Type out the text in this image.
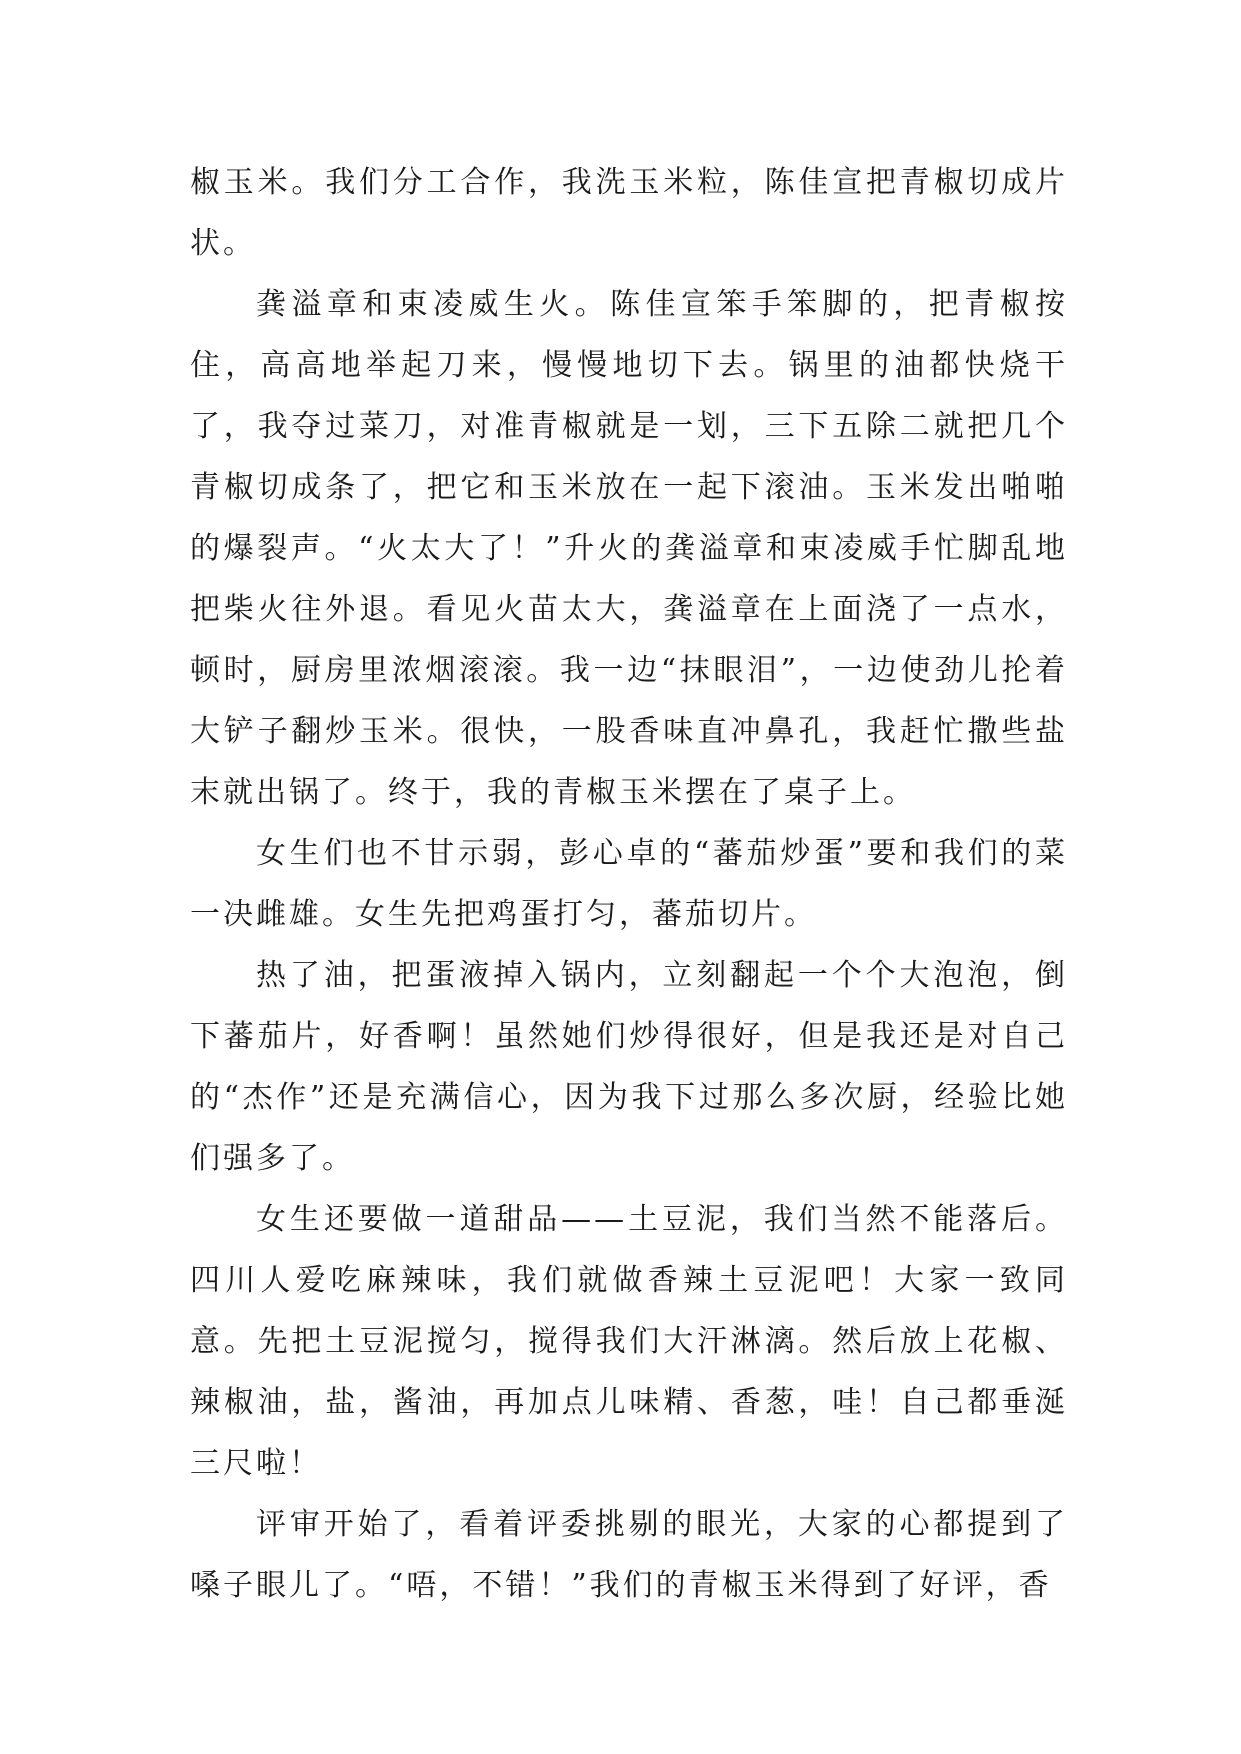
椒玉米。我们分工合作，我洗玉米粒，陈佳宣把青椒切成片状。

龚溢章和束凌威生火。陈佳宣笨手笨脚的，把青椒按住，高高地举起刀来，慢慢地切下去。锅里的油都快烧干了，我夺过菜刀，对准青椒就是一划，三下五除二就把几个青椒切成条了，把它和玉米放在一起下滚油。玉米发出啪啪的爆裂声。“火太大了！”升火的龚溢章和束凌威手忙脚乱地把柴火往外退。看见火苗太大，龚溢章在上面浇了一点水，顿时，厨房里浓烟滚滚。我一边“抹眼泪”，一边使劲儿抡着大铲子翻炒玉米。很快，一股香味直冲鼻孔，我赶忙撒些盐末就出锅了。终于，我的青椒玉米摆在了桌子上。

女生们也不甘示弱，彭心卓的“蕃茄炒蛋”要和我们的菜一决雌雄。女生先把鸡蛋打匀，蕃茄切片。

热了油，把蛋液掉入锅内，立刻翻起一个个大泡泡，倒下蕃茄片，好香啊！虽然她们炒得很好，但是我还是对自己的“杰作”还是充满信心，因为我下过那么多次厨，经验比她们强多了。

女生还要做一道甜品——土豆泥，我们当然不能落后。四川人爱吃麻辣味，我们就做香辣土豆泥吧！大家一致同意。先把土豆泥搅匀，搅得我们大汗淋漓。然后放上花椒、辣椒油，盐，酱油，再加点儿味精、香葱，哇！自己都垂涎三尺啦！

评审开始了，看着评委挑剔的眼光，大家的心都提到了嗓子眼儿了。“唔，不错！”我们的青椒玉米得到了好评，香
